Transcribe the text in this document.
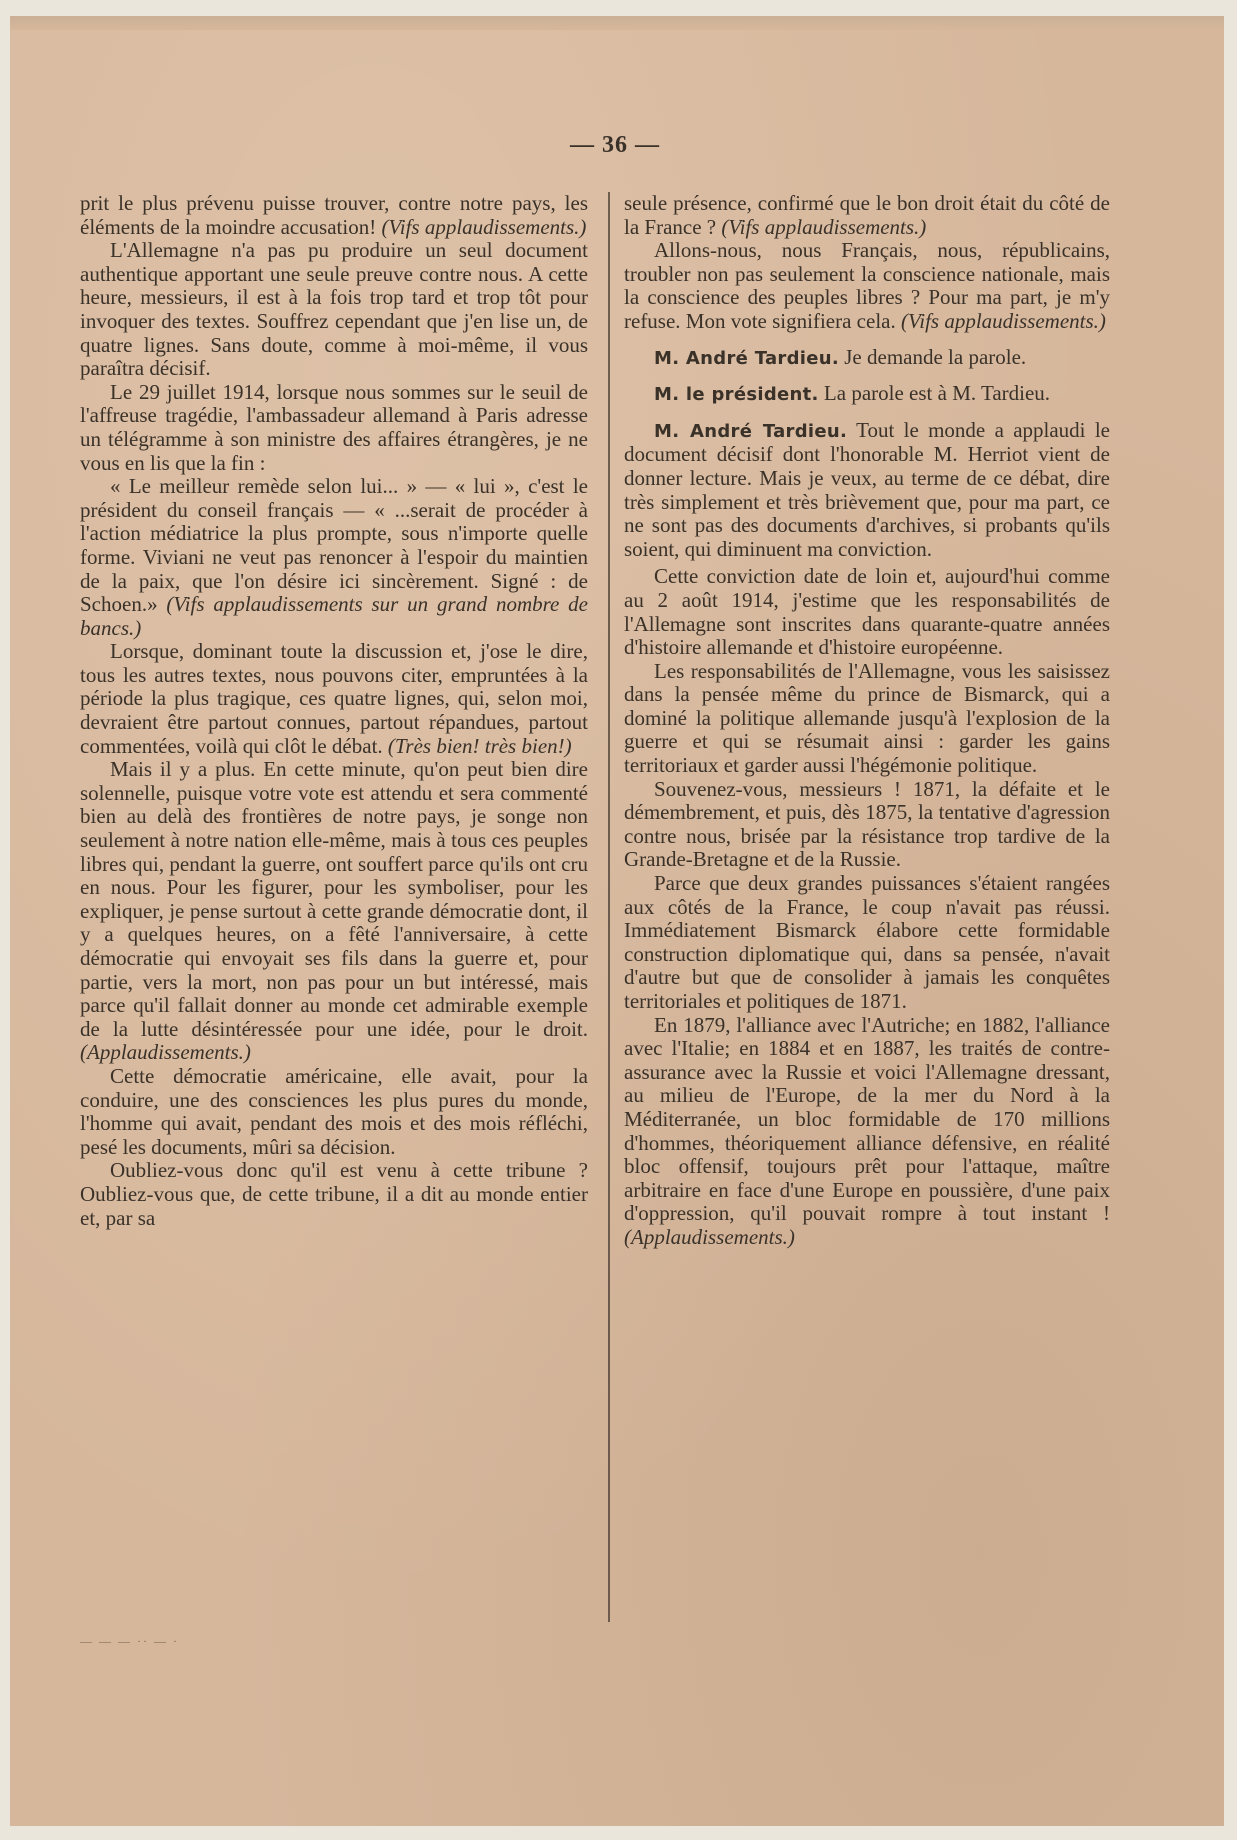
— 36 —

prit le plus prévenu puisse trouver, contre notre pays, les éléments de la moindre accusation! (Vifs applaudissements.)

L'Allemagne n'a pas pu produire un seul document authentique apportant une seule preuve contre nous. A cette heure, messieurs, il est à la fois trop tard et trop tôt pour invoquer des textes. Souffrez cependant que j'en lise un, de quatre lignes. Sans doute, comme à moi-même, il vous paraîtra décisif.

Le 29 juillet 1914, lorsque nous sommes sur le seuil de l'affreuse tragédie, l'ambassadeur allemand à Paris adresse un télégramme à son ministre des affaires étrangères, je ne vous en lis que la fin :

« Le meilleur remède selon lui... » — « lui », c'est le président du conseil français — « ...serait de procéder à l'action médiatrice la plus prompte, sous n'importe quelle forme. Viviani ne veut pas renoncer à l'espoir du maintien de la paix, que l'on désire ici sincèrement. Signé : de Schoen.» (Vifs applaudissements sur un grand nombre de bancs.)

Lorsque, dominant toute la discussion et, j'ose le dire, tous les autres textes, nous pouvons citer, empruntées à la période la plus tragique, ces quatre lignes, qui, selon moi, devraient être partout connues, partout répandues, partout commentées, voilà qui clôt le débat. (Très bien! très bien!)

Mais il y a plus. En cette minute, qu'on peut bien dire solennelle, puisque votre vote est attendu et sera commenté bien au delà des frontières de notre pays, je songe non seulement à notre nation elle-même, mais à tous ces peuples libres qui, pendant la guerre, ont souffert parce qu'ils ont cru en nous. Pour les figurer, pour les symboliser, pour les expliquer, je pense surtout à cette grande démocratie dont, il y a quelques heures, on a fêté l'anniversaire, à cette démocratie qui envoyait ses fils dans la guerre et, pour partie, vers la mort, non pas pour un but intéressé, mais parce qu'il fallait donner au monde cet admirable exemple de la lutte désintéressée pour une idée, pour le droit. (Applaudissements.)

Cette démocratie américaine, elle avait, pour la conduire, une des consciences les plus pures du monde, l'homme qui avait, pendant des mois et des mois réfléchi, pesé les documents, mûri sa décision.

Oubliez-vous donc qu'il est venu à cette tribune ? Oubliez-vous que, de cette tribune, il a dit au monde entier et, par sa

seule présence, confirmé que le bon droit était du côté de la France ? (Vifs applaudissements.)

Allons-nous, nous Français, nous, républicains, troubler non pas seulement la conscience nationale, mais la conscience des peuples libres ? Pour ma part, je m'y refuse. Mon vote signifiera cela. (Vifs applaudissements.)

M. André Tardieu. Je demande la parole.

M. le président. La parole est à M. Tardieu.

M. André Tardieu. Tout le monde a applaudi le document décisif dont l'honorable M. Herriot vient de donner lecture. Mais je veux, au terme de ce débat, dire très simplement et très brièvement que, pour ma part, ce ne sont pas des documents d'archives, si probants qu'ils soient, qui diminuent ma conviction.

Cette conviction date de loin et, aujourd'hui comme au 2 août 1914, j'estime que les responsabilités de l'Allemagne sont inscrites dans quarante-quatre années d'histoire allemande et d'histoire européenne.

Les responsabilités de l'Allemagne, vous les saisissez dans la pensée même du prince de Bismarck, qui a dominé la politique allemande jusqu'à l'explosion de la guerre et qui se résumait ainsi : garder les gains territoriaux et garder aussi l'hégémonie politique.

Souvenez-vous, messieurs ! 1871, la défaite et le démembrement, et puis, dès 1875, la tentative d'agression contre nous, brisée par la résistance trop tardive de la Grande-Bretagne et de la Russie.

Parce que deux grandes puissances s'étaient rangées aux côtés de la France, le coup n'avait pas réussi. Immédiatement Bismarck élabore cette formidable construction diplomatique qui, dans sa pensée, n'avait d'autre but que de consolider à jamais les conquêtes territoriales et politiques de 1871.

En 1879, l'alliance avec l'Autriche; en 1882, l'alliance avec l'Italie; en 1884 et en 1887, les traités de contre-assurance avec la Russie et voici l'Allemagne dressant, au milieu de l'Europe, de la mer du Nord à la Méditerranée, un bloc formidable de 170 millions d'hommes, théoriquement alliance défensive, en réalité bloc offensif, toujours prêt pour l'attaque, maître arbitraire en face d'une Europe en poussière, d'une paix d'oppression, qu'il pouvait rompre à tout instant ! (Applaudissements.)

— — — ·· — ·
